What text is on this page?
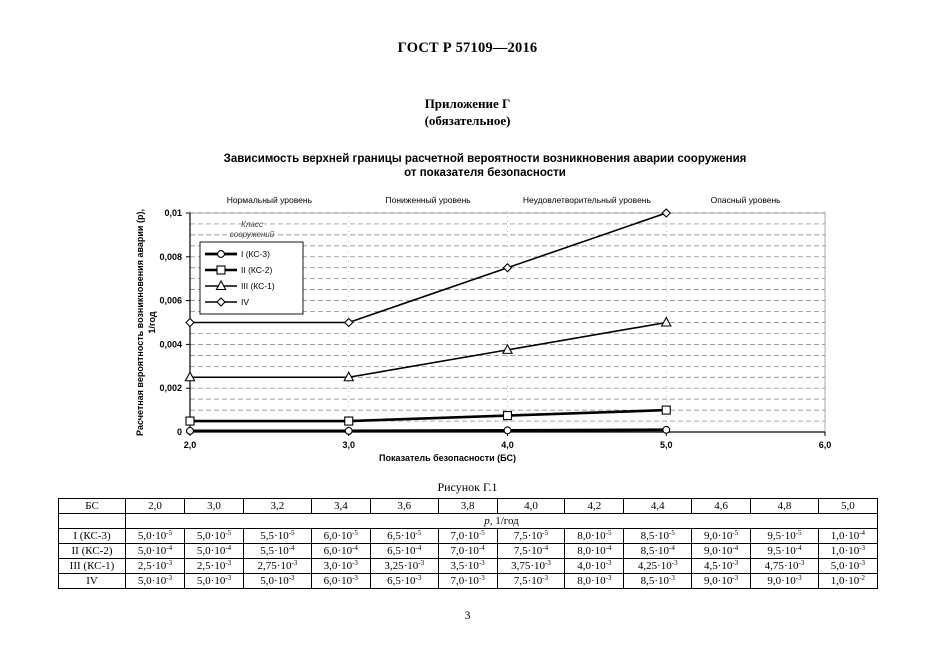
ГОСТ Р 57109—2016
Приложение Г
(обязательное)
Зависимость верхней границы расчетной вероятности возникновения аварии сооружения
от показателя безопасности
Нормальный уровень	Пониженный уровень	Неудовлетворительный уровень	Опасный уровень
2,0	3,0	4,0	5,0	6,0
0
0,002
0,004
0,006
0,008
0,01
Показатель безопасности (БС)
Расчетная вероятность возникновения аварии (p), 1/год
Класс
сооружений
I (КС-3)
II (КС-2)
III (КС-1)
IV
Рисунок Г.1
БС	2,0	3,0	3,2	3,4	3,6	3,8	4,0	4,2	4,4	4,6	4,8	5,0
	p, 1/год											
I (КС-3)	$5,0\cdot 10^{-5}$	$5,0\cdot 10^{-5}$	$5,5\cdot 10^{-5}$	$6,0\cdot 10^{-5}$	$6,5\cdot 10^{-5}$	$7,0\cdot 10^{-5}$	$7,5\cdot 10^{-5}$	$8,0\cdot 10^{-5}$	$8,5\cdot 10^{-5}$	$9,0\cdot 10^{-5}$	$9,5\cdot 10^{-5}$	$1,0\cdot 10^{-4}$
II (КС-2)	$5,0\cdot 10^{-4}$	$5,0\cdot 10^{-4}$	$5,5\cdot 10^{-4}$	$6,0\cdot 10^{-4}$	$6,5\cdot 10^{-4}$	$7,0\cdot 10^{-4}$	$7,5\cdot 10^{-4}$	$8,0\cdot 10^{-4}$	$8,5\cdot 10^{-4}$	$9,0\cdot 10^{-4}$	$9,5\cdot 10^{-4}$	$1,0\cdot 10^{-3}$
III (КС-1)	$2,5\cdot 10^{-3}$	$2,5\cdot 10^{-3}$	$2,75\cdot 10^{-3}$	$3,0\cdot 10^{-3}$	$3,25\cdot 10^{-3}$	$3,5\cdot 10^{-3}$	$3,75\cdot 10^{-3}$	$4,0\cdot 10^{-3}$	$4,25\cdot 10^{-3}$	$4,5\cdot 10^{-3}$	$4,75\cdot 10^{-3}$	$5,0\cdot 10^{-3}$
IV	$5,0\cdot 10^{-3}$	$5,0\cdot 10^{-3}$	$5,0\cdot 10^{-3}$	$6,0\cdot 10^{-3}$	$6,5\cdot 10^{-3}$	$7,0\cdot 10^{-3}$	$7,5\cdot 10^{-3}$	$8,0\cdot 10^{-3}$	$8,5\cdot 10^{-3}$	$9,0\cdot 10^{-3}$	$9,0\cdot 10^{-3}$	$1,0\cdot 10^{-2}$
3
